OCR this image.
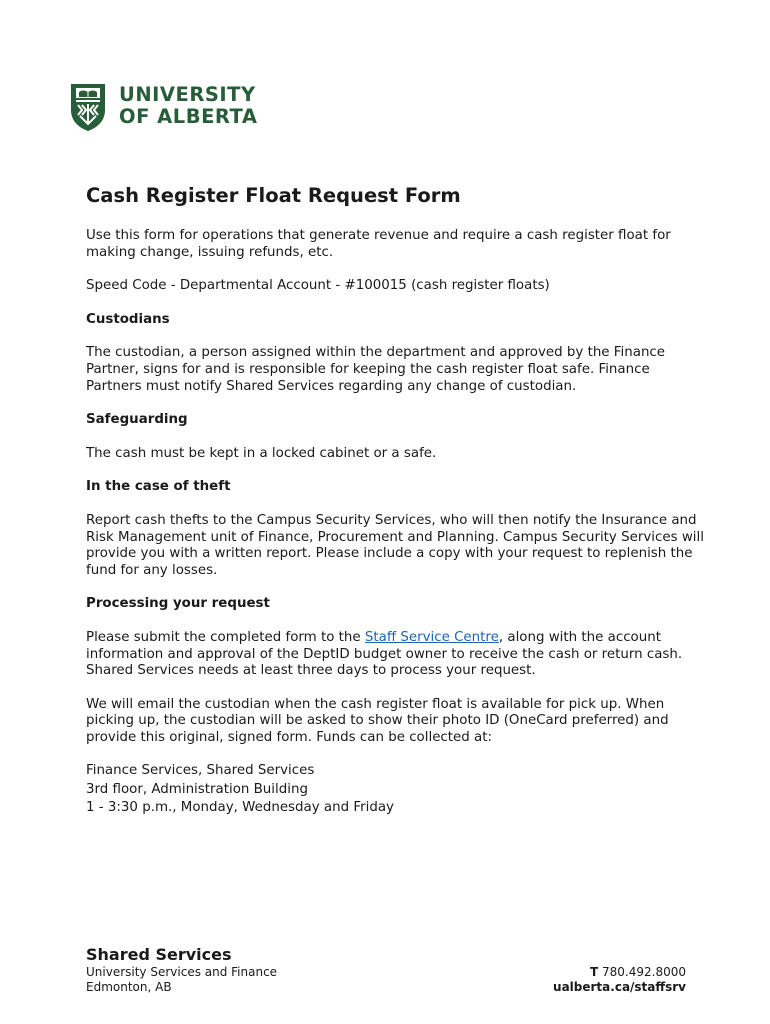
UNIVERSITY
OF ALBERTA
Cash Register Float Request Form

Use this form for operations that generate revenue and require a cash register float for making change, issuing refunds, etc.

Speed Code - Departmental Account - #100015 (cash register floats)

Custodians

The custodian, a person assigned within the department and approved by the Finance Partner, signs for and is responsible for keeping the cash register float safe. Finance Partners must notify Shared Services regarding any change of custodian.

Safeguarding

The cash must be kept in a locked cabinet or a safe.

In the case of theft

Report cash thefts to the Campus Security Services, who will then notify the Insurance and Risk Management unit of Finance, Procurement and Planning. Campus Security Services will provide you with a written report. Please include a copy with your request to replenish the fund for any losses.

Processing your request

Please submit the completed form to the Staff Service Centre, along with the account information and approval of the DeptID budget owner to receive the cash or return cash. Shared Services needs at least three days to process your request.

We will email the custodian when the cash register float is available for pick up. When picking up, the custodian will be asked to show their photo ID (OneCard preferred) and provide this original, signed form. Funds can be collected at:

Finance Services, Shared Services

3rd floor, Administration Building

1 - 3:30 p.m., Monday, Wednesday and Friday

Shared Services
University Services and Finance
Edmonton, AB
T 780.492.8000
ualberta.ca/staffsrv
